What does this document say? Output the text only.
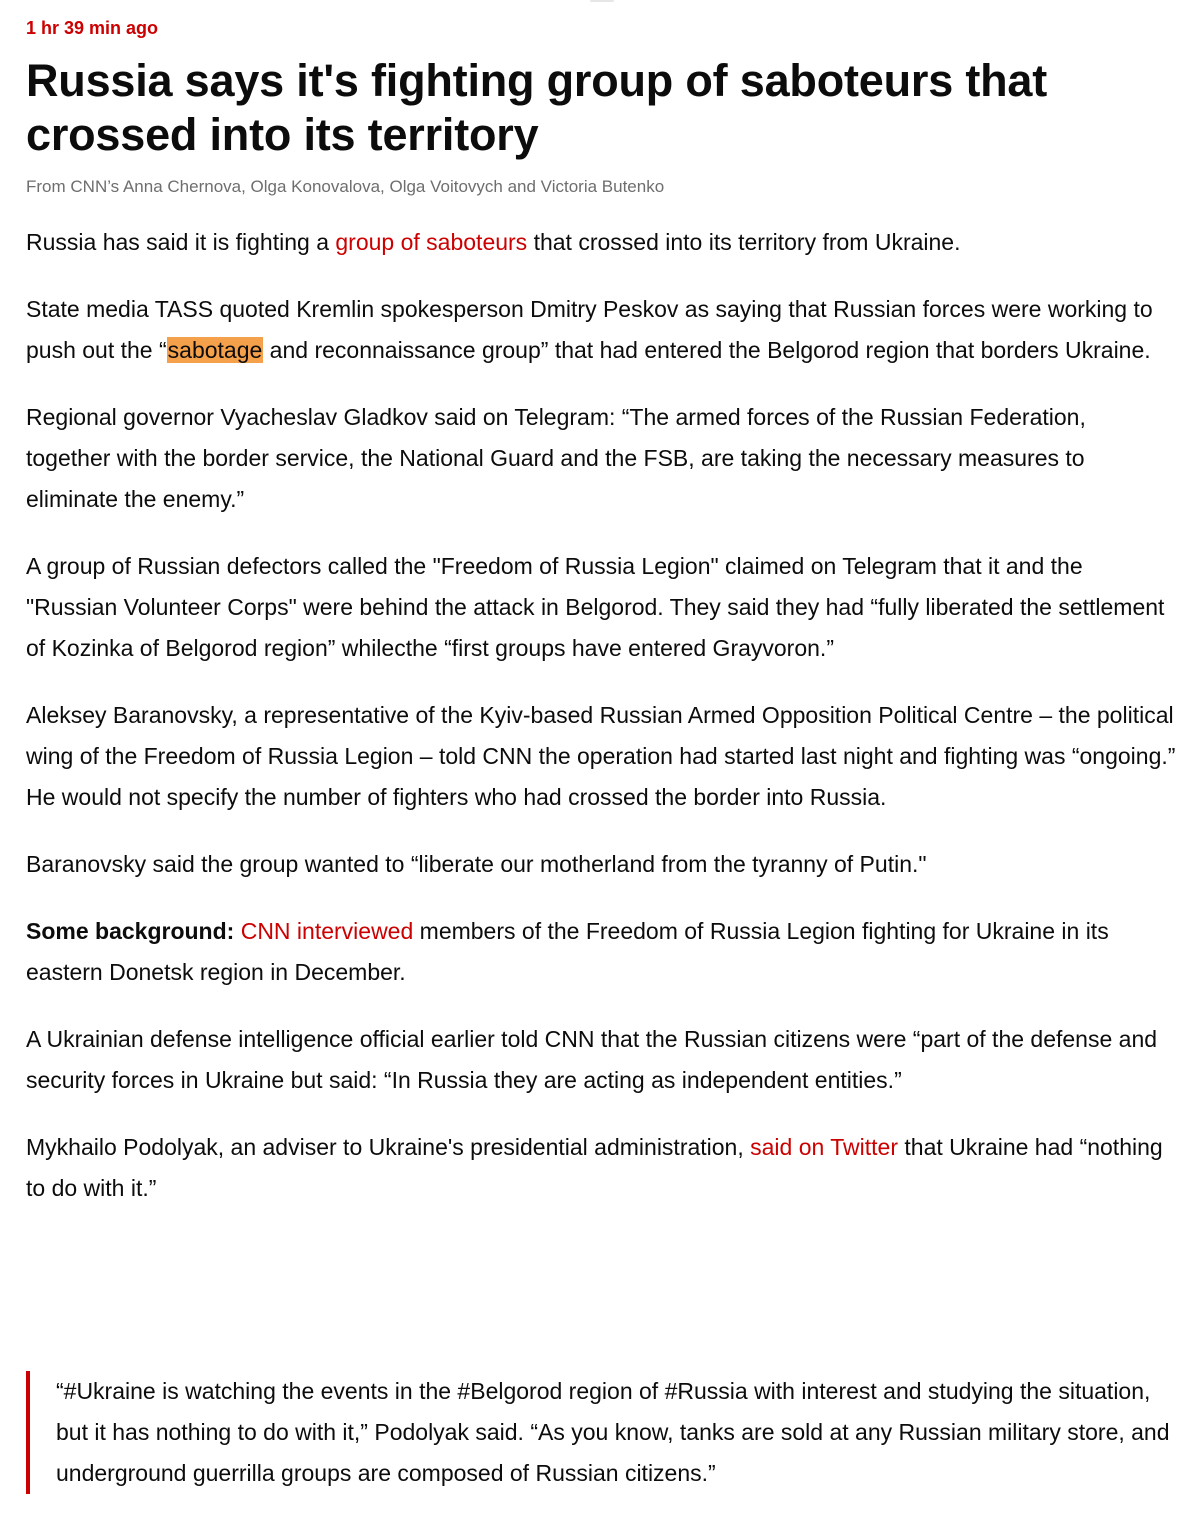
1 hr 39 min ago
Russia says it's fighting group of saboteurs that crossed into its territory
From CNN’s Anna Chernova, Olga Konovalova, Olga Voitovych and Victoria Butenko

Russia has said it is fighting a group of saboteurs that crossed into its territory from Ukraine.

State media TASS quoted Kremlin spokesperson Dmitry Peskov as saying that Russian forces were working to push out the “sabotage and reconnaissance group” that had entered the Belgorod region that borders Ukraine.

Regional governor Vyacheslav Gladkov said on Telegram: “The armed forces of the Russian Federation, together with the border service, the National Guard and the FSB, are taking the necessary measures to eliminate the enemy.”

A group of Russian defectors called the "Freedom of Russia Legion" claimed on Telegram that it and the "Russian Volunteer Corps" were behind the attack in Belgorod. They said they had “fully liberated the settlement of Kozinka of Belgorod region” whilecthe “first groups have entered Grayvoron.”

Aleksey Baranovsky, a representative of the Kyiv-based Russian Armed Opposition Political Centre – the political wing of the Freedom of Russia Legion – told CNN the operation had started last night and fighting was “ongoing.” He would not specify the number of fighters who had crossed the border into Russia.

Baranovsky said the group wanted to “liberate our motherland from the tyranny of Putin."

Some background: CNN interviewed members of the Freedom of Russia Legion fighting for Ukraine in its eastern Donetsk region in December.

A Ukrainian defense intelligence official earlier told CNN that the Russian citizens were “part of the defense and security forces in Ukraine but said: “In Russia they are acting as independent entities.”

Mykhailo Podolyak, an adviser to Ukraine's presidential administration, said on Twitter that Ukraine had “nothing to do with it.”

“#Ukraine is watching the events in the #Belgorod region of #Russia with interest and studying the situation, but it has nothing to do with it,” Podolyak said. “As you know, tanks are sold at any Russian military store, and underground guerrilla groups are composed of Russian citizens.”
